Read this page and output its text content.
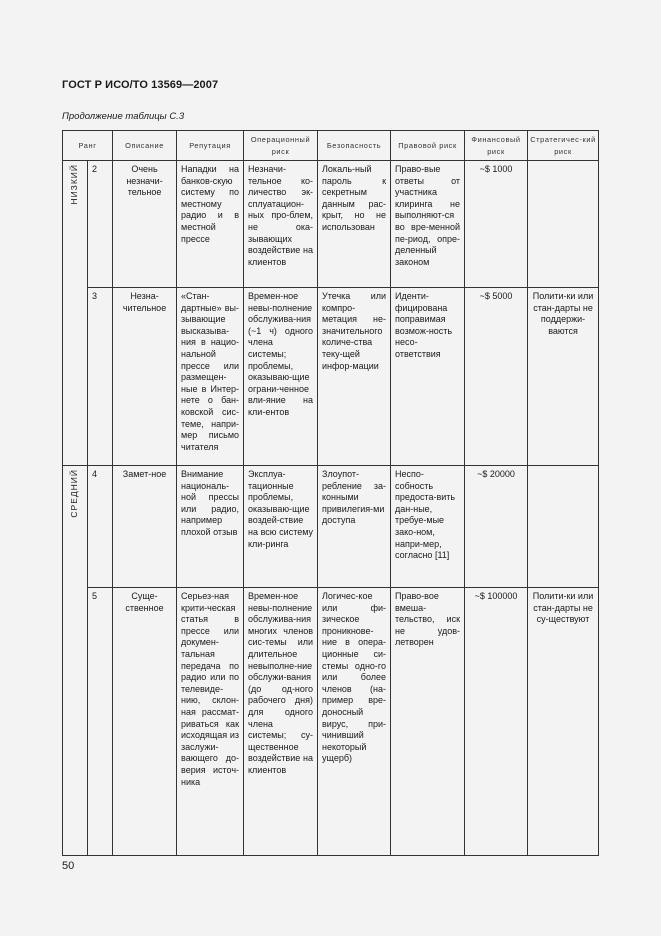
ГОСТ Р ИСО/ТО 13569—2007
Продолжение таблицы С.3
Ранг		Описание	Репутация	Операционный риск	Безопасность	Правовой риск	Финансовый риск	Стратегичес-кий риск
НИЗКИЙ	2	Очень незначи-тельное	Нападки на банков-скую систему по местному радио и в местной прессе	Незначи-тельное ко-личество эк-сплуатацион-ных про-блем, не ока-зывающих воздействие на клиентов	Локаль-ный пароль к секретным данным рас-крыт, но не использован	Право-вые ответы от участника клиринга не выполняют-ся во вре-менной пе-риод, опре-деленный законом	~$ 1000	
	3	Незна-чительное	«Стан-дартные» вы-зывающие высказыва-ния в нацио-нальной прессе или размещен-ные в Интер-нете о бан-ковской сис-теме, напри-мер письмо читателя	Времен-ное невы-полнение обслужива-ния (~1 ч) одного члена системы; проблемы, оказываю-щие ограни-ченное вли-яние на кли-ентов	Утечка или компро-метация не-значительного количе-ства теку-щей инфор-мации	Иденти-фицирована поправимая возмож-ность несо-ответствия	~$ 5000	Полити-ки или стан-дарты не поддержи-ваются
СРЕДНИЙ	4	Замет-ное	Внимание националь-ной прессы или радио, например плохой отзыв	Эксплуа-тационные проблемы, оказываю-щие воздей-ствие на всю систему кли-ринга	Злоупот-ребление за-конными привилегия-ми доступа	Неспо-собность предоста-вить дан-ные, требуе-мые зако-ном, напри-мер, согласно [11]	~$ 20000	
	5	Суще-ственное	Серьез-ная крити-ческая статья в прессе или докумен-тальная передача по радио или по телевиде-нию, склон-ная рассмат-риваться как исходящая из заслужи-вающего до-верия источ-ника	Времен-ное невы-полнение обслужива-ния многих членов сис-темы или длительное невыполне-ние обслужи-вания (до од-ного рабочего дня) для одного члена системы; су-щественное воздействие на клиентов	Логичес-кое или фи-зическое проникнове-ние в опера-ционные си-стемы одно-го или более членов (на-пример вре-доносный вирус, при-чинивший некоторый ущерб)	Право-вое вмеша-тельство, иск не удов-летворен	~$ 100000	Полити-ки или стан-дарты не су-ществуют
50
